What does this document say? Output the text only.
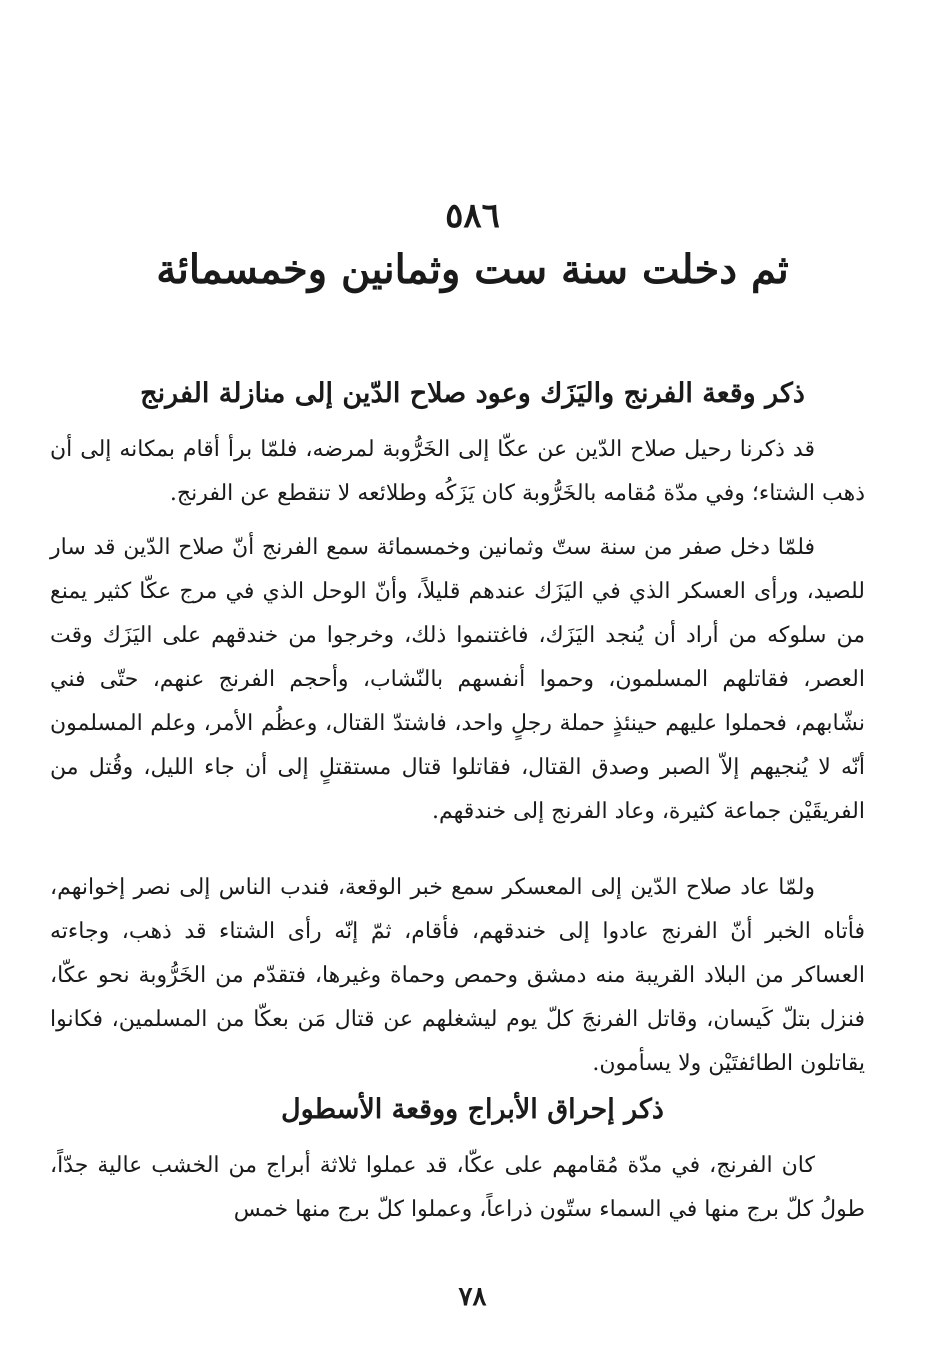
٥٨٦
ثم دخلت سنة ست وثمانين وخمسمائة

ذكر وقعة الفرنج واليَزَك وعود صلاح الدّين إلى منازلة الفرنج

قد ذكرنا رحيل صلاح الدّين عن عكّا إلى الخَرُّوبة لمرضه، فلمّا برأ أقام بمكانه إلى أن ذهب الشتاء؛ وفي مدّة مُقامه بالخَرُّوبة كان يَزَكُه وطلائعه لا تنقطع عن الفرنج.

فلمّا دخل صفر من سنة ستّ وثمانين وخمسمائة سمع الفرنج أنّ صلاح الدّين قد سار للصيد، ورأى العسكر الذي في اليَزَك عندهم قليلاً، وأنّ الوحل الذي في مرج عكّا كثير يمنع من سلوكه من أراد أن يُنجد اليَزَك، فاغتنموا ذلك، وخرجوا من خندقهم على اليَزَك وقت العصر، فقاتلهم المسلمون، وحموا أنفسهم بالنّشاب، وأحجم الفرنج عنهم، حتّى فني نشّابهم، فحملوا عليهم حينئذٍ حملة رجلٍ واحد، فاشتدّ القتال، وعظُم الأمر، وعلم المسلمون أنّه لا يُنجيهم إلاّ الصبر وصدق القتال، فقاتلوا قتال مستقتلٍ إلى أن جاء الليل، وقُتل من الفريقَيْن جماعة كثيرة، وعاد الفرنج إلى خندقهم.

ولمّا عاد صلاح الدّين إلى المعسكر سمع خبر الوقعة، فندب الناس إلى نصر إخوانهم، فأتاه الخبر أنّ الفرنج عادوا إلى خندقهم، فأقام، ثمّ إنّه رأى الشتاء قد ذهب، وجاءته العساكر من البلاد القريبة منه دمشق وحمص وحماة وغيرها، فتقدّم من الخَرُّوبة نحو عكّا، فنزل بتلّ كَيسان، وقاتل الفرنجَ كلّ يوم ليشغلهم عن قتال مَن بعكّا من المسلمين، فكانوا يقاتلون الطائفتَيْن ولا يسأمون.

ذكر إحراق الأبراج ووقعة الأسطول

كان الفرنج، في مدّة مُقامهم على عكّا، قد عملوا ثلاثة أبراج من الخشب عالية جدّاً، طولُ كلّ برج منها في السماء ستّون ذراعاً، وعملوا كلّ برج منها خمس

٧٨
